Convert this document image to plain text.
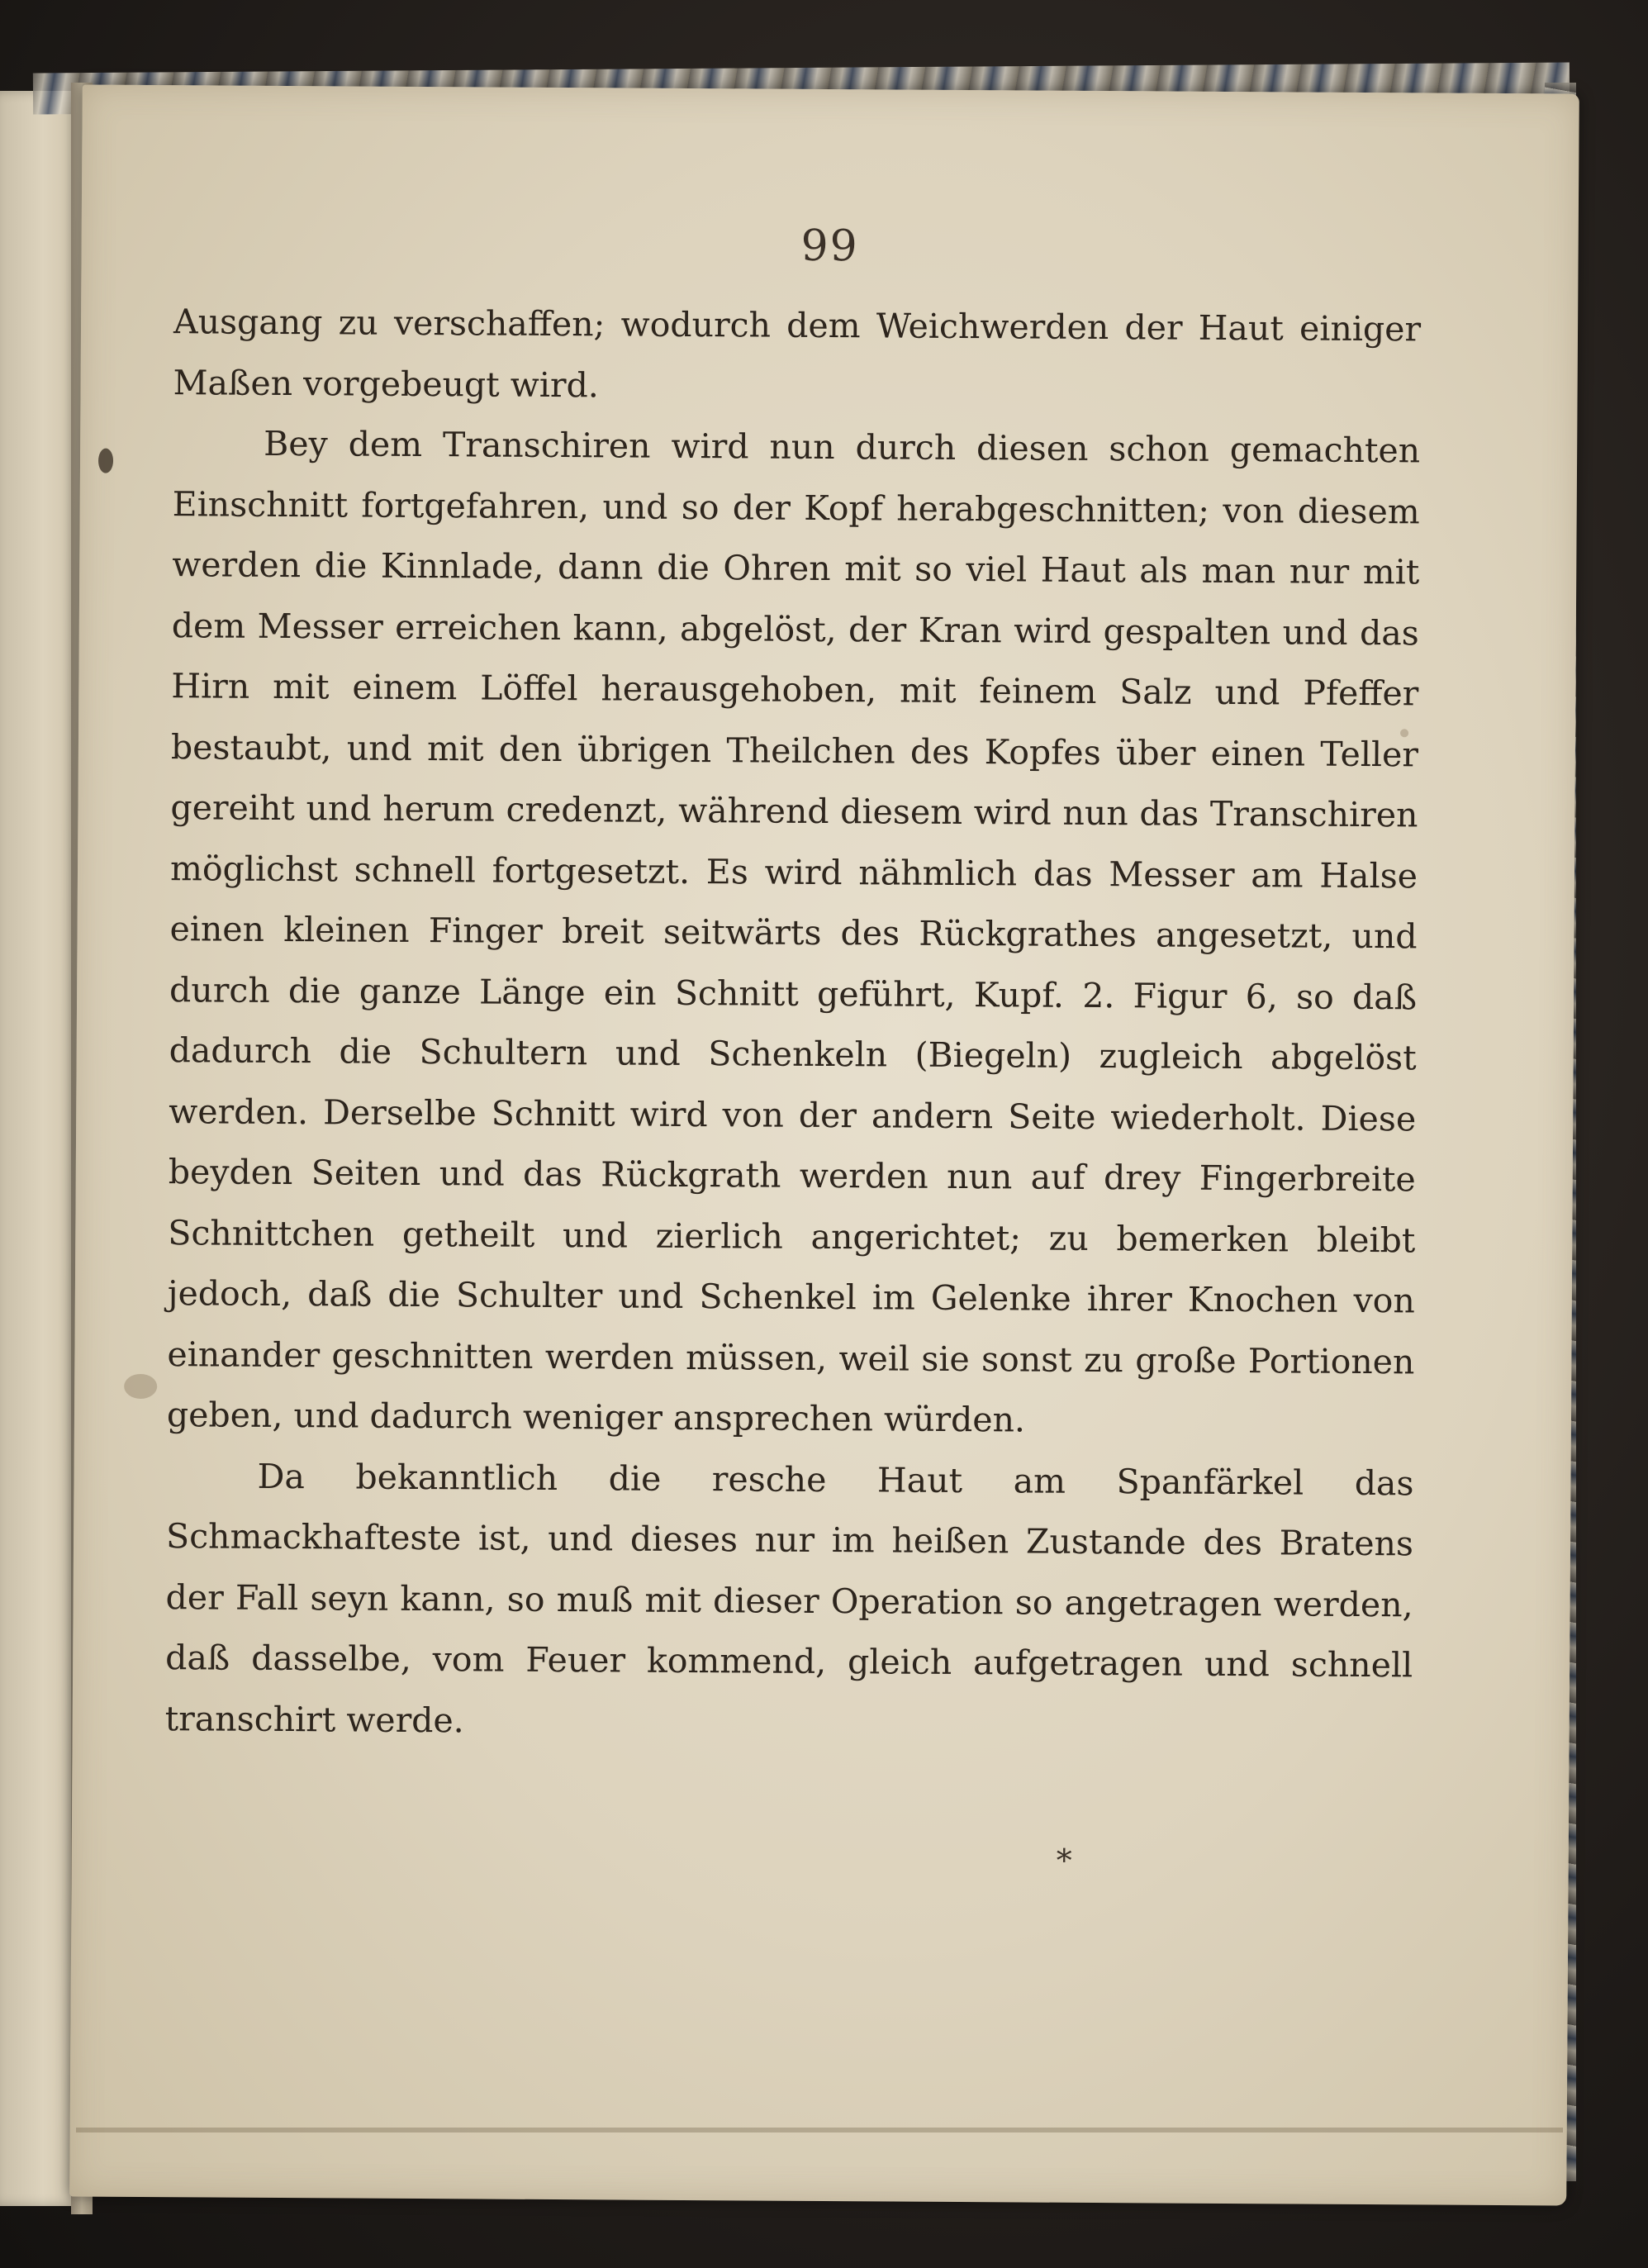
99

Ausgang zu verschaffen; wodurch dem Weichwerden der Haut einiger Maßen vorgebeugt wird.

Bey dem Transchiren wird nun durch diesen schon gemachten Einschnitt fortgefahren, und so der Kopf herabgeschnitten; von diesem werden die Kinnlade, dann die Ohren mit so viel Haut als man nur mit dem Messer erreichen kann, abgelöst, der Kran wird gespalten und das Hirn mit einem Löffel herausgehoben, mit feinem Salz und Pfeffer bestaubt, und mit den übrigen Theilchen des Kopfes über einen Teller gereiht und herum credenzt, während diesem wird nun das Transchiren möglichst schnell fortgesetzt. Es wird nähmlich das Messer am Halse einen kleinen Finger breit seitwärts des Rückgrathes angesetzt, und durch die ganze Länge ein Schnitt geführt, Kupf. 2. Figur 6, so daß dadurch die Schultern und Schenkeln (Biegeln) zugleich abgelöst werden. Derselbe Schnitt wird von der andern Seite wiederholt. Diese beyden Seiten und das Rückgrath werden nun auf drey Fingerbreite Schnittchen getheilt und zierlich angerichtet; zu bemerken bleibt jedoch, daß die Schulter und Schenkel im Gelenke ihrer Knochen von einander geschnitten werden müssen, weil sie sonst zu große Portionen geben, und dadurch weniger ansprechen würden.

Da bekanntlich die resche Haut am Spanfärkel das Schmackhafteste ist, und dieses nur im heißen Zustande des Bratens der Fall seyn kann, so muß mit dieser Operation so angetragen werden, daß dasselbe, vom Feuer kommend, gleich aufgetragen und schnell transchirt werde.

*
